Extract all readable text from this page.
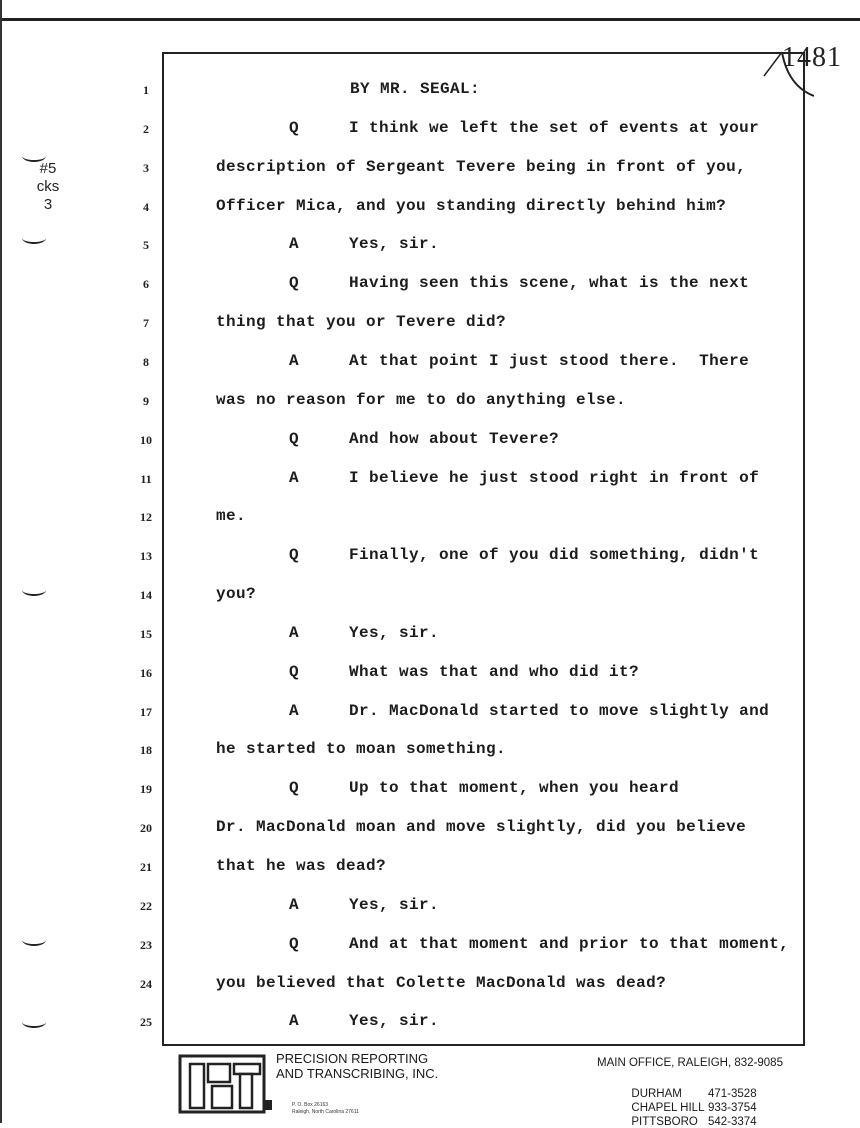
1481
#5
cks
3
1	BY MR. SEGAL:
2	Q     I think we left the set of events at your
3	description of Sergeant Tevere being in front of you,
4	Officer Mica, and you standing directly behind him?
5	A     Yes, sir.
6	Q     Having seen this scene, what is the next
7	thing that you or Tevere did?
8	A     At that point I just stood there.  There
9	was no reason for me to do anything else.
10	Q     And how about Tevere?
11	A     I believe he just stood right in front of
12	me.
13	Q     Finally, one of you did something, didn't
14	you?
15	A     Yes, sir.
16	Q     What was that and who did it?
17	A     Dr. MacDonald started to move slightly and
18	he started to moan something.
19	Q     Up to that moment, when you heard
20	Dr. MacDonald moan and move slightly, did you believe
21	that he was dead?
22	A     Yes, sir.
23	Q     And at that moment and prior to that moment,
24	you believed that Colette MacDonald was dead?
25	A     Yes, sir.
PRECISION REPORTING
AND TRANSCRIBING, INC.
P. O. Box 26163
Raleigh, North Carolina 27611
MAIN OFFICE, RALEIGH, 832-9085

DURHAM 471-3528

CHAPEL HILL 933-3754

PITTSBORO 542-3374
